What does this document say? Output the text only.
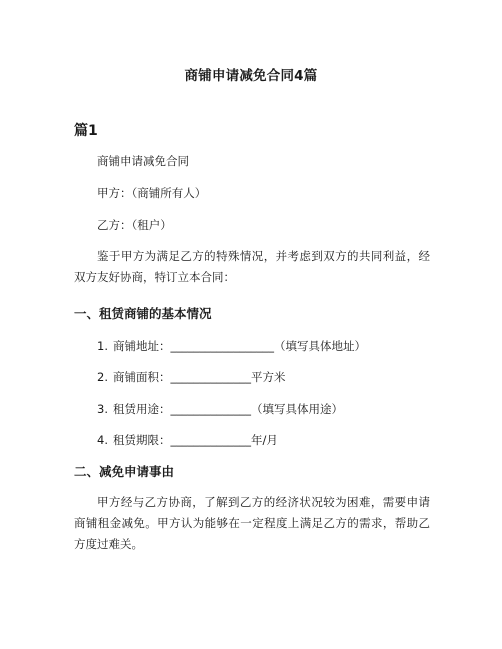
商铺申请减免合同4篇
篇1
商铺申请减免合同
甲方：（商铺所有人）
乙方：（租户）
鉴于甲方为满足乙方的特殊情况，并考虑到双方的共同利益，经双方友好协商，特订立本合同：
一、租赁商铺的基本情况
1. 商铺地址：__________________（填写具体地址）
2. 商铺面积：______________平方米
3. 租赁用途：______________（填写具体用途）
4. 租赁期限：______________年/月
二、减免申请事由
甲方经与乙方协商，了解到乙方的经济状况较为困难，需要申请商铺租金减免。甲方认为能够在一定程度上满足乙方的需求，帮助乙方度过难关。
